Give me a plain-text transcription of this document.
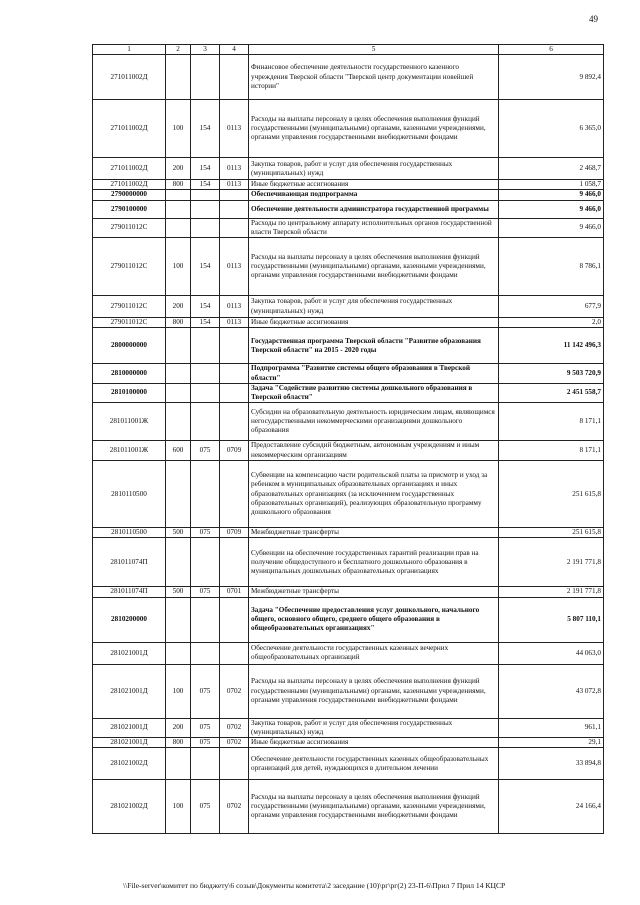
49
1	2	3	4	5	6
271011002Д				Финансовое обеспечение деятельности государственного казенного учреждения Тверской области "Тверской центр документации новейшей истории"	9 892,4
271011002Д	100	154	0113	Расходы на выплаты персоналу в целях обеспечения выполнения функций государственными (муниципальными) органами, казенными учреждениями, органами управления государственными внебюджетными фондами	6 365,0
271011002Д	200	154	0113	Закупка товаров, работ и услуг для обеспечения государственных (муниципальных) нужд	2 468,7
271011002Д	800	154	0113	Иные бюджетные ассигнования	1 058,7
2790000000				Обеспечивающая подпрограмма	9 466,0
2790100000				Обеспечение деятельности администратора государственной программы	9 466,0
279011012С				Расходы по центральному аппарату исполнительных органов государственной власти Тверской области	9 466,0
279011012С	100	154	0113	Расходы на выплаты персоналу в целях обеспечения выполнения функций государственными (муниципальными) органами, казенными учреждениями, органами управления государственными внебюджетными фондами	8 786,1
279011012С	200	154	0113	Закупка товаров, работ и услуг для обеспечения государственных (муниципальных) нужд	677,9
279011012С	800	154	0113	Иные бюджетные ассигнования	2,0
2800000000				Государственная программа Тверской области "Развитие образования Тверской области" на 2015 - 2020 годы	11 142 496,3
2810000000				Подпрограмма "Развитие системы общего образования в Тверской области"	9 503 720,9
2810100000				Задача "Содействие развитию системы дошкольного образования в Тверской области"	2 451 558,7
281011001Ж				Субсидии на образовательную деятельность юридическим лицам, являющимся негосударственными некоммерческими организациями дошкольного образования	8 171,1
281011001Ж	600	075	0709	Предоставление субсидий бюджетным, автономным учреждениям и иным некоммерческим организациям	8 171,1
2810110500				Субвенции на компенсацию части родительской платы за присмотр и уход за ребенком в муниципальных образовательных организациях и иных образовательных организациях (за исключением государственных образовательных организаций), реализующих образовательную программу дошкольного образования	251 615,8
2810110500	500	075	0709	Межбюджетные трансферты	251 615,8
281011074П				Субвенции на обеспечение государственных гарантий реализации прав на получение общедоступного и бесплатного дошкольного образования в муниципальных дошкольных образовательных организациях	2 191 771,8
281011074П	500	075	0701	Межбюджетные трансферты	2 191 771,8
2810200000				Задача "Обеспечение предоставления услуг дошкольного, начального общего, основного общего, среднего общего образования в общеобразовательных организациях"	5 807 110,1
281021001Д				Обеспечение деятельности государственных казенных вечерних общеобразовательных организаций	44 063,0
281021001Д	100	075	0702	Расходы на выплаты персоналу в целях обеспечения выполнения функций государственными (муниципальными) органами, казенными учреждениями, органами управления государственными внебюджетными фондами	43 072,8
281021001Д	200	075	0702	Закупка товаров, работ и услуг для обеспечения государственных (муниципальных) нужд	961,1
281021001Д	800	075	0702	Иные бюджетные ассигнования	29,1
281021002Д				Обеспечение деятельности государственных казенных общеобразовательных организаций для детей, нуждающихся в длительном лечении	33 894,8
281021002Д	100	075	0702	Расходы на выплаты персоналу в целях обеспечения выполнения функций государственными (муниципальными) органами, казенными учреждениями, органами управления государственными внебюджетными фондами	24 166,4
\\File-server\комитет по бюджету\6 созыв\Документы комитета\2 заседание (10)\рг\рг(2) 23-П-6\Прил 7 Прил 14 КЦСР
